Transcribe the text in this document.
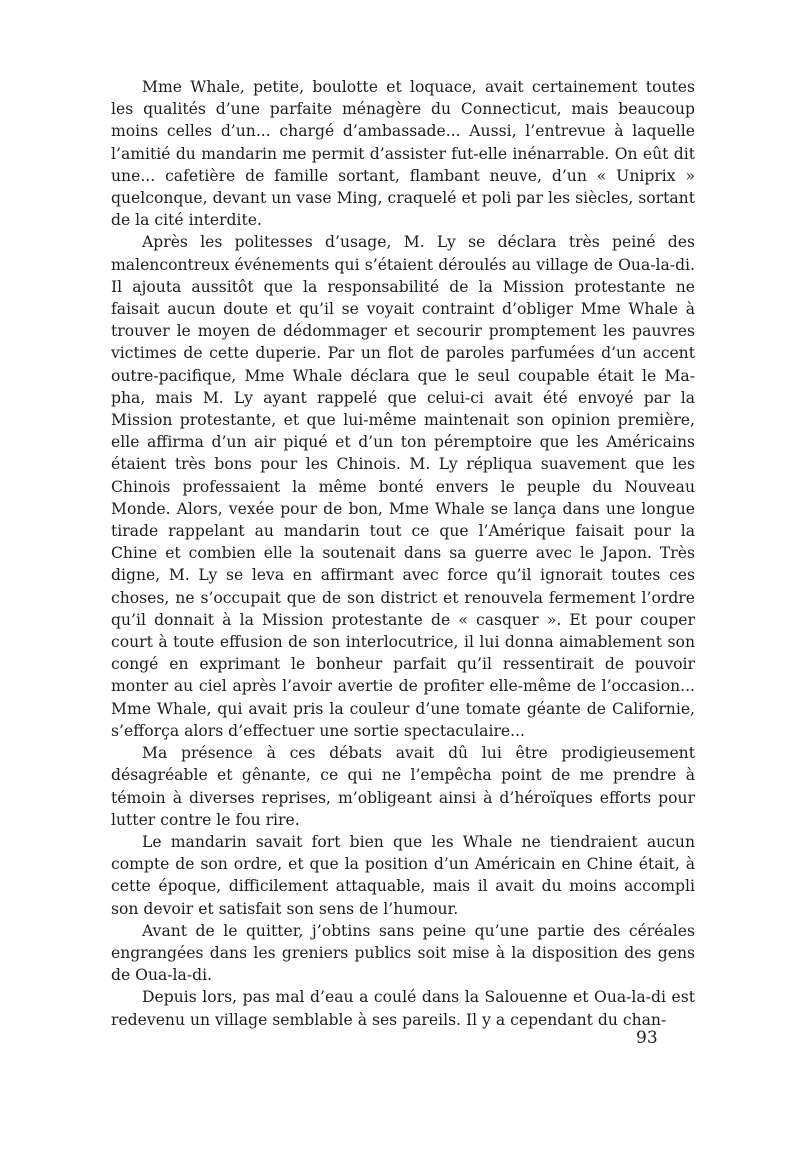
Mme Whale, petite, boulotte et loquace, avait certainement toutes les qualités d’une parfaite ménagère du Connecticut, mais beaucoup moins celles d’un... chargé d’ambassade... Aussi, l’entrevue à laquelle l’amitié du mandarin me permit d’assister fut-elle inénarrable. On eût dit une... cafetière de famille sortant, flambant neuve, d’un « Uniprix » quelconque, devant un vase Ming, craquelé et poli par les siècles, sortant de la cité interdite.

Après les politesses d’usage, M. Ly se déclara très peiné des malencontreux événements qui s’étaient déroulés au village de Oua-la-di. Il ajouta aussitôt que la responsabilité de la Mission protestante ne faisait aucun doute et qu’il se voyait contraint d’obliger Mme Whale à trouver le moyen de dédommager et secourir promptement les pauvres victimes de cette duperie. Par un flot de paroles parfumées d’un accent outre-pacifique, Mme Whale déclara que le seul coupable était le Ma-pha, mais M. Ly ayant rappelé que celui-ci avait été envoyé par la Mission protestante, et que lui-même maintenait son opinion première, elle affirma d’un air piqué et d’un ton péremptoire que les Américains étaient très bons pour les Chinois. M. Ly répliqua suavement que les Chinois professaient la même bonté envers le peuple du Nouveau Monde. Alors, vexée pour de bon, Mme Whale se lança dans une longue tirade rappelant au mandarin tout ce que l’Amérique faisait pour la Chine et combien elle la soutenait dans sa guerre avec le Japon. Très digne, M. Ly se leva en affirmant avec force qu’il ignorait toutes ces choses, ne s’occupait que de son district et renouvela fermement l’ordre qu’il donnait à la Mission protestante de « casquer ». Et pour couper court à toute effusion de son interlocutrice, il lui donna aimablement son congé en exprimant le bonheur parfait qu’il ressentirait de pouvoir monter au ciel après l’avoir avertie de profiter elle-même de l’occasion... Mme Whale, qui avait pris la couleur d’une tomate géante de Californie, s’efforça alors d’effectuer une sortie spectaculaire...

Ma présence à ces débats avait dû lui être prodigieusement désagréable et gênante, ce qui ne l’empêcha point de me prendre à témoin à diverses reprises, m’obligeant ainsi à d’héroïques efforts pour lutter contre le fou rire.

Le mandarin savait fort bien que les Whale ne tiendraient aucun compte de son ordre, et que la position d’un Américain en Chine était, à cette époque, difficilement attaquable, mais il avait du moins accompli son devoir et satisfait son sens de l’humour.

Avant de le quitter, j’obtins sans peine qu’une partie des céréales engrangées dans les greniers publics soit mise à la disposition des gens de Oua-la-di.

Depuis lors, pas mal d’eau a coulé dans la Salouenne et Oua-la-di est redevenu un village semblable à ses pareils. Il y a cependant du chan-

93
